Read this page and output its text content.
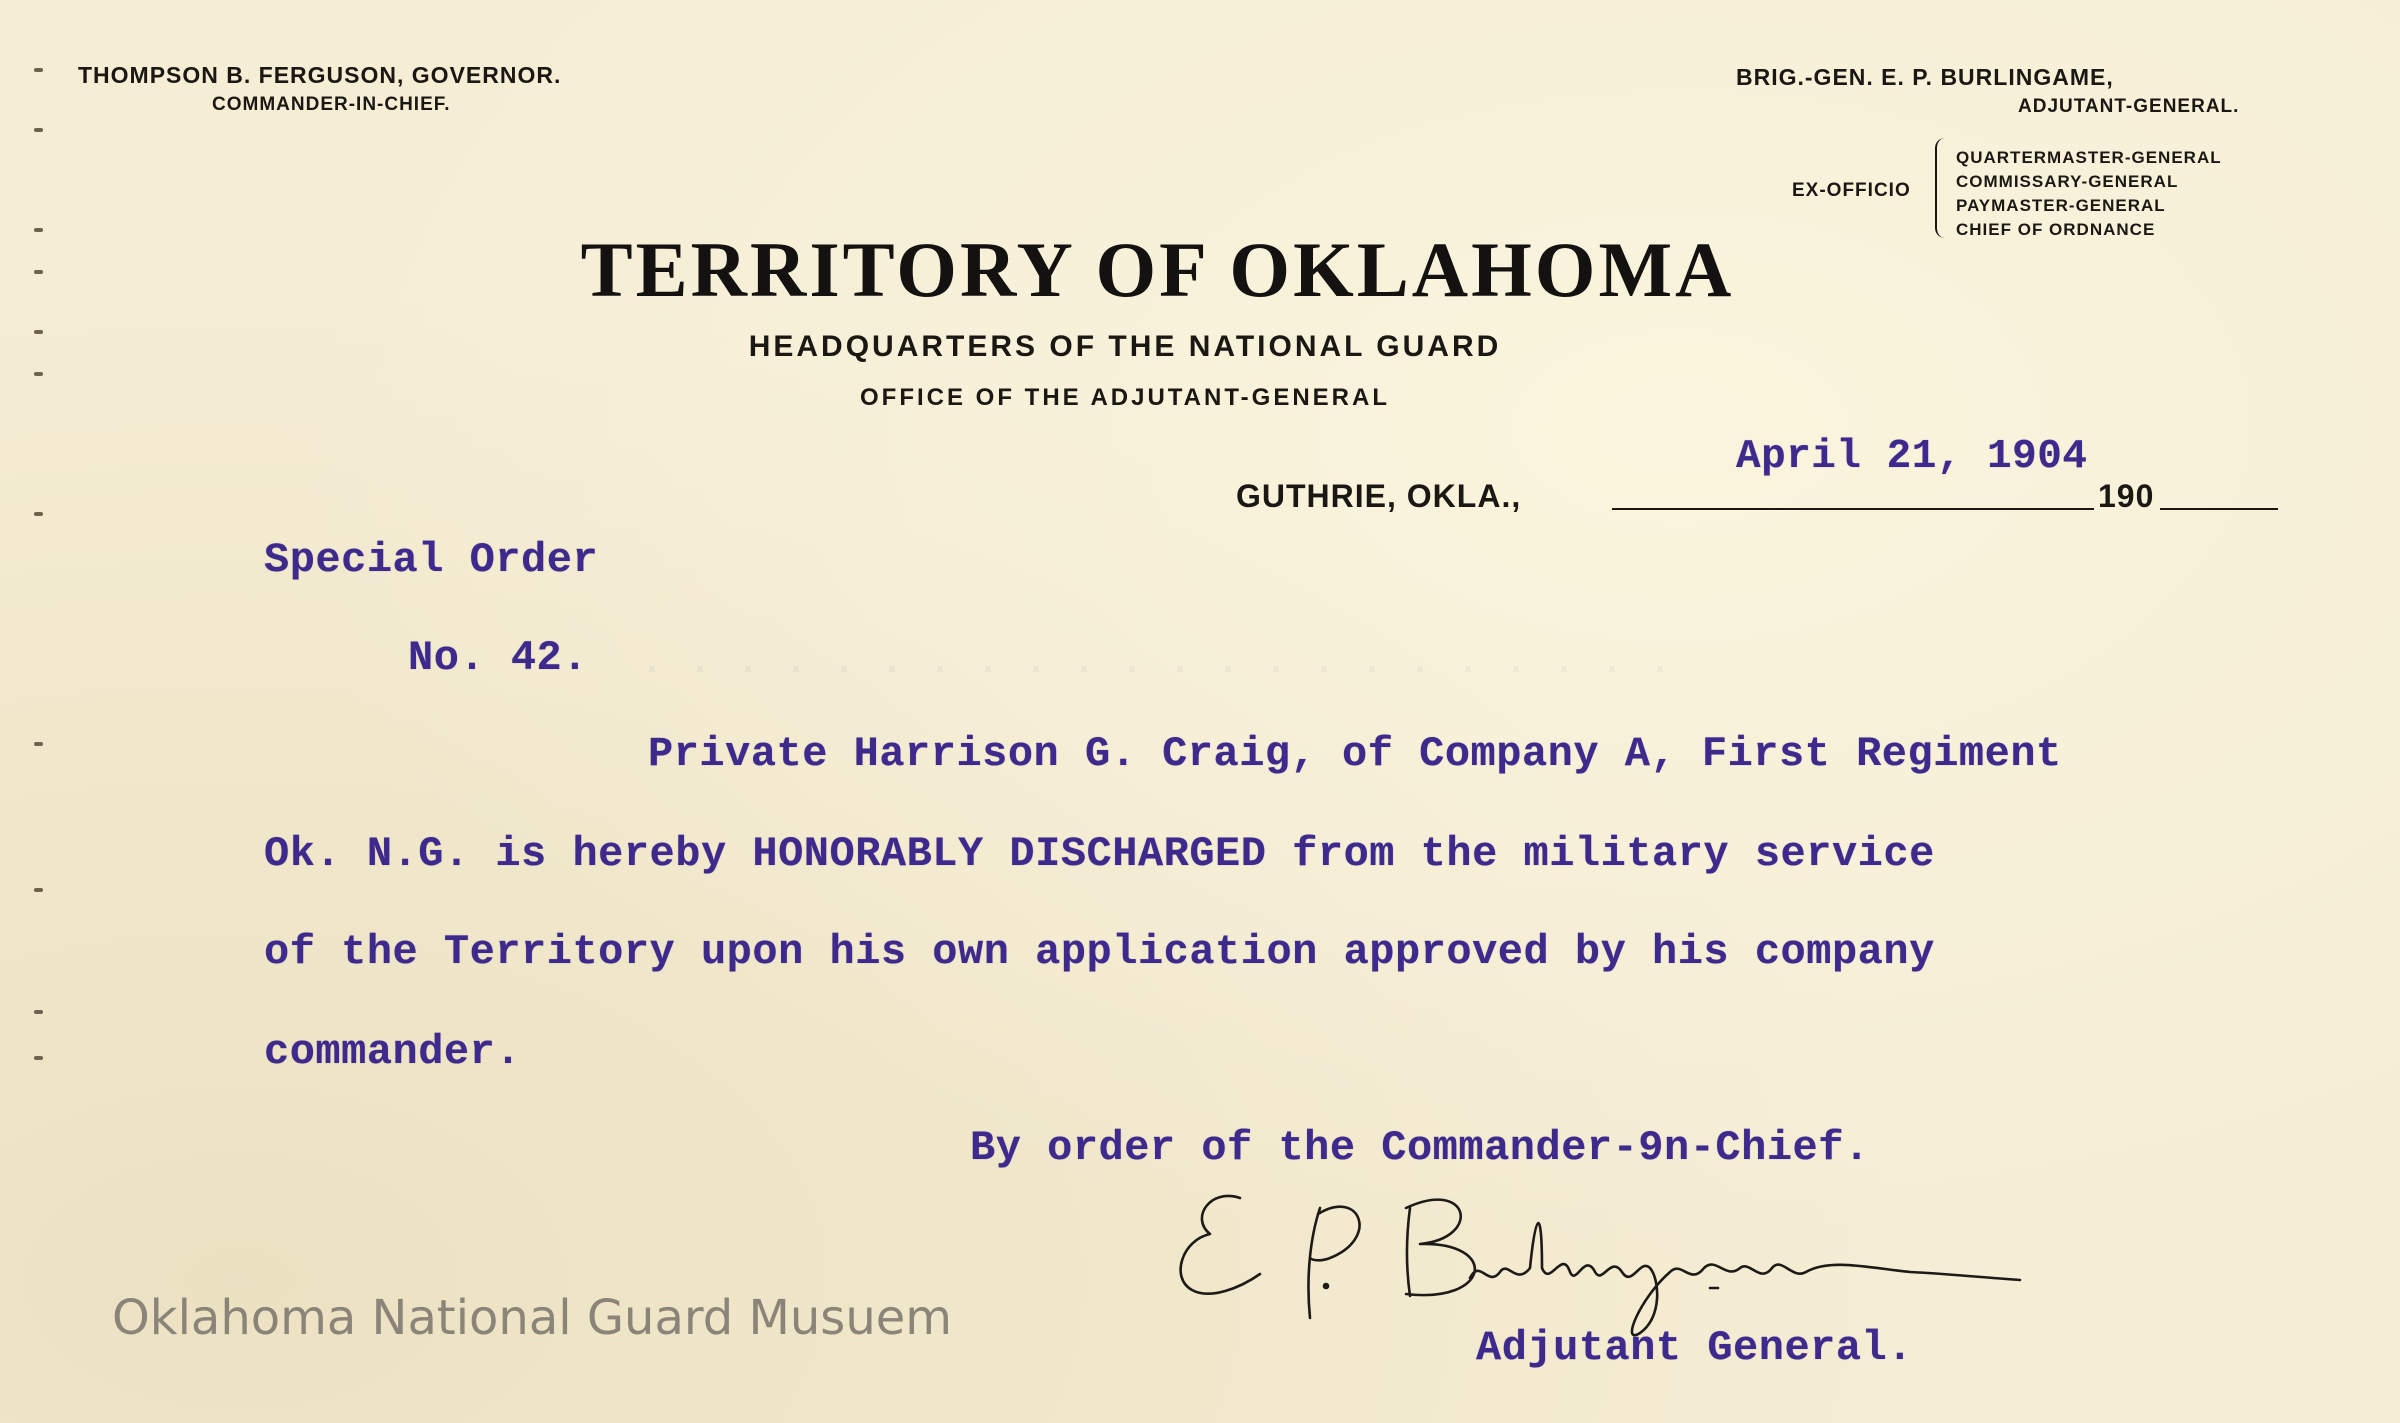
. . . . . . . . . . . . . . . . . . . . . .
THOMPSON B. FERGUSON, GOVERNOR.
COMMANDER-IN-CHIEF.
BRIG.-GEN. E. P. BURLINGAME,
ADJUTANT-GENERAL.
EX-OFFICIO
QUARTERMASTER-GENERAL
COMMISSARY-GENERAL
PAYMASTER-GENERAL
CHIEF OF ORDNANCE
TERRITORY OF OKLAHOMA
HEADQUARTERS OF THE NATIONAL GUARD
OFFICE OF THE ADJUTANT-GENERAL
GUTHRIE, OKLA.,	190
April 21, 1904
Special Order
No. 42.
Private Harrison G. Craig, of Company A, First Regiment
Ok. N.G. is hereby HONORABLY DISCHARGED from the military service
of the Territory upon his own application approved by his company
commander.
By order of the Commander-9n-Chief.
Adjutant General.
Oklahoma National Guard Musuem
